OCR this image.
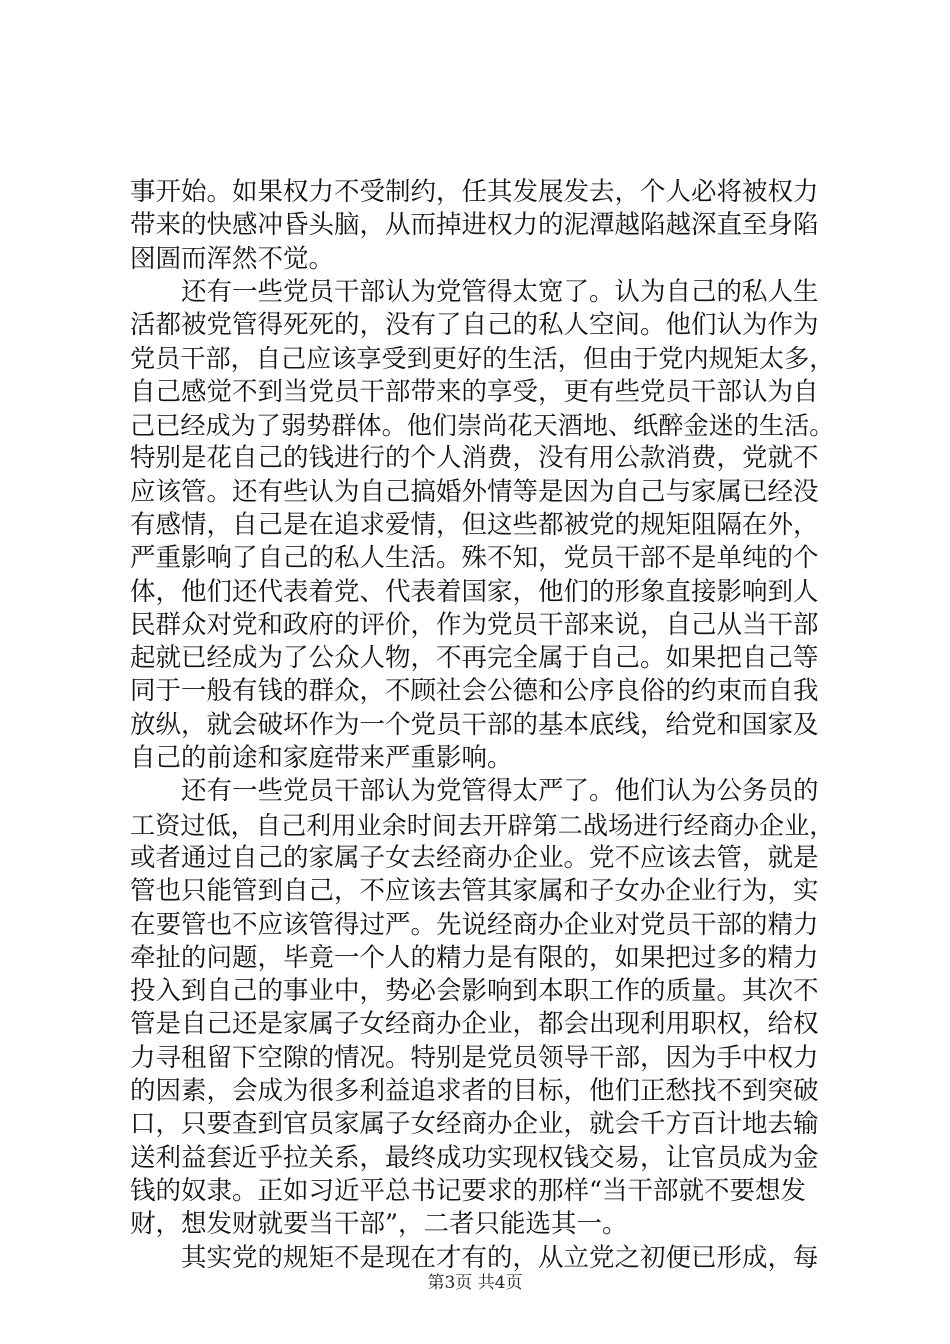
事开始。如果权力不受制约，任其发展发去，个人必将被权力
带来的快感冲昏头脑，从而掉进权力的泥潭越陷越深直至身陷
囹圄而浑然不觉。
还有一些党员干部认为党管得太宽了。认为自己的私人生
活都被党管得死死的，没有了自己的私人空间。他们认为作为
党员干部，自己应该享受到更好的生活，但由于党内规矩太多，
自己感觉不到当党员干部带来的享受，更有些党员干部认为自
己已经成为了弱势群体。他们崇尚花天酒地、纸醉金迷的生活。
特别是花自己的钱进行的个人消费，没有用公款消费，党就不
应该管。还有些认为自己搞婚外情等是因为自己与家属已经没
有感情，自己是在追求爱情，但这些都被党的规矩阻隔在外，
严重影响了自己的私人生活。殊不知，党员干部不是单纯的个
体，他们还代表着党、代表着国家，他们的形象直接影响到人
民群众对党和政府的评价，作为党员干部来说，自己从当干部
起就已经成为了公众人物，不再完全属于自己。如果把自己等
同于一般有钱的群众，不顾社会公德和公序良俗的约束而自我
放纵，就会破坏作为一个党员干部的基本底线，给党和国家及
自己的前途和家庭带来严重影响。
还有一些党员干部认为党管得太严了。他们认为公务员的
工资过低，自己利用业余时间去开辟第二战场进行经商办企业，
或者通过自己的家属子女去经商办企业。党不应该去管，就是
管也只能管到自己，不应该去管其家属和子女办企业行为，实
在要管也不应该管得过严。先说经商办企业对党员干部的精力
牵扯的问题，毕竟一个人的精力是有限的，如果把过多的精力
投入到自己的事业中，势必会影响到本职工作的质量。其次不
管是自己还是家属子女经商办企业，都会出现利用职权，给权
力寻租留下空隙的情况。特别是党员领导干部，因为手中权力
的因素，会成为很多利益追求者的目标，他们正愁找不到突破
口，只要查到官员家属子女经商办企业，就会千方百计地去输
送利益套近乎拉关系，最终成功实现权钱交易，让官员成为金
钱的奴隶。正如习近平总书记要求的那样“当干部就不要想发
财，想发财就要当干部”，二者只能选其一。
其实党的规矩不是现在才有的，从立党之初便已形成，每
第3页 共4页
